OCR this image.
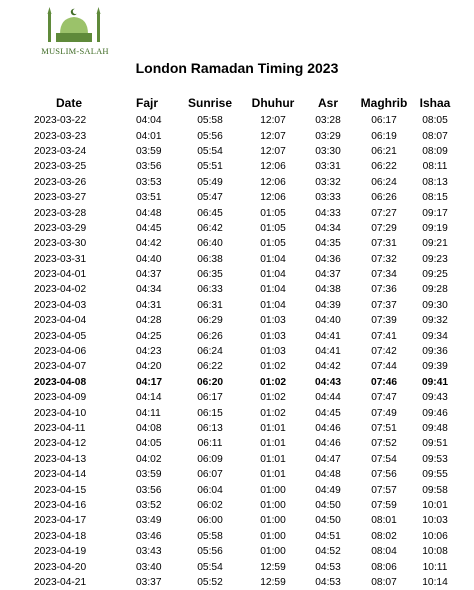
MUSLIM-SALAH
London Ramadan Timing 2023
Date	Fajr	Sunrise	Dhuhur	Asr	Maghrib	Ishaa
2023-03-22	04:04	05:58	12:07	03:28	06:17	08:05
2023-03-23	04:01	05:56	12:07	03:29	06:19	08:07
2023-03-24	03:59	05:54	12:07	03:30	06:21	08:09
2023-03-25	03:56	05:51	12:06	03:31	06:22	08:11
2023-03-26	03:53	05:49	12:06	03:32	06:24	08:13
2023-03-27	03:51	05:47	12:06	03:33	06:26	08:15
2023-03-28	04:48	06:45	01:05	04:33	07:27	09:17
2023-03-29	04:45	06:42	01:05	04:34	07:29	09:19
2023-03-30	04:42	06:40	01:05	04:35	07:31	09:21
2023-03-31	04:40	06:38	01:04	04:36	07:32	09:23
2023-04-01	04:37	06:35	01:04	04:37	07:34	09:25
2023-04-02	04:34	06:33	01:04	04:38	07:36	09:28
2023-04-03	04:31	06:31	01:04	04:39	07:37	09:30
2023-04-04	04:28	06:29	01:03	04:40	07:39	09:32
2023-04-05	04:25	06:26	01:03	04:41	07:41	09:34
2023-04-06	04:23	06:24	01:03	04:41	07:42	09:36
2023-04-07	04:20	06:22	01:02	04:42	07:44	09:39
2023-04-08	04:17	06:20	01:02	04:43	07:46	09:41
2023-04-09	04:14	06:17	01:02	04:44	07:47	09:43
2023-04-10	04:11	06:15	01:02	04:45	07:49	09:46
2023-04-11	04:08	06:13	01:01	04:46	07:51	09:48
2023-04-12	04:05	06:11	01:01	04:46	07:52	09:51
2023-04-13	04:02	06:09	01:01	04:47	07:54	09:53
2023-04-14	03:59	06:07	01:01	04:48	07:56	09:55
2023-04-15	03:56	06:04	01:00	04:49	07:57	09:58
2023-04-16	03:52	06:02	01:00	04:50	07:59	10:01
2023-04-17	03:49	06:00	01:00	04:50	08:01	10:03
2023-04-18	03:46	05:58	01:00	04:51	08:02	10:06
2023-04-19	03:43	05:56	01:00	04:52	08:04	10:08
2023-04-20	03:40	05:54	12:59	04:53	08:06	10:11
2023-04-21	03:37	05:52	12:59	04:53	08:07	10:14
